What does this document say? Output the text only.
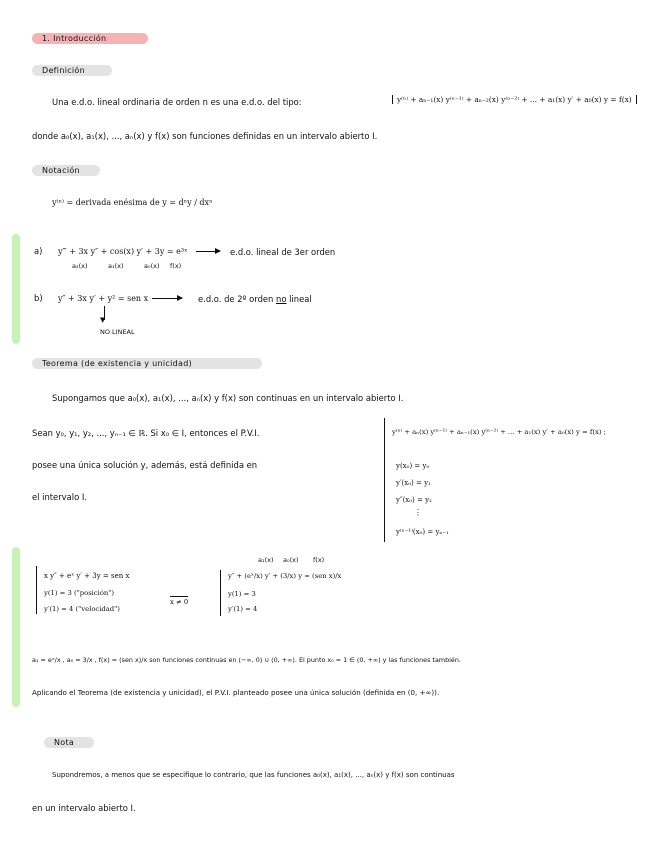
1. Introducción
Definición
Una e.d.o. lineal ordinaria de orden n es una e.d.o. del tipo:	y⁽ⁿ⁾ + aₙ₋₁(x) y⁽ⁿ⁻¹⁾ + aₙ₋₂(x) y⁽ⁿ⁻²⁾ + ... + a₁(x) y′ + a₀(x) y = f(x)
donde a₀(x), a₁(x), ..., aₙ(x) y f(x) son funciones definidas en un intervalo abierto I.
Notación
y⁽ⁿ⁾ = derivada enésima de y = dⁿy / dxⁿ
a) y‴ + 3x y″ + cos(x) y′ + 3y = e³ˣ
a₂(x)	a₁(x)	a₀(x) f(x)
e.d.o. lineal de 3er orden
b) y″ + 3x y′ + y² = sen x
▼
NO LINEAL
e.d.o. de 2º orden no lineal
Teorema (de existencia y unicidad)
Supongamos que a₀(x), a₁(x), ..., aₙ(x) y f(x) son continuas en un intervalo abierto I.
Sean y₀, y₁, y₂, ..., yₙ₋₁ ∈ ℝ. Si x₀ ∈ I, entonces el P.V.I.
posee una única solución y, además, está definida en
el intervalo I.
y⁽ⁿ⁾ + aₙ(x) y⁽ⁿ⁻¹⁾ + aₙ₋₁(x) y⁽ⁿ⁻²⁾ + ... + a₁(x) y′ + a₀(x) y = f(x) ;
y(x₀) = y₀
y′(x₀) = y₁
y″(x₀) = y₂
⋮
y⁽ⁿ⁻¹⁾(x₀) = yₙ₋₁
x y″ + eˣ y′ + 3y = sen x
y(1) = 3 ("posición")
y′(1) = 4 ("velocidad")
x ≠ 0
a₁(x) a₀(x) f(x)
y″ + (eˣ/x) y′ + (3/x) y = (sen x)/x
y(1) = 3
y′(1) = 4
a₁ = eˣ/x , a₀ = 3/x , f(x) = (sen x)/x son funciones continuas en (−∞, 0) ∪ (0, +∞). El punto x₀ = 1 ∈ (0, +∞) y las funciones también.
Aplicando el Teorema (de existencia y unicidad), el P.V.I. planteado posee una única solución (definida en (0, +∞)).
Nota
Supondremos, a menos que se especifique lo contrario, que las funciones a₀(x), a₁(x), ..., aₙ(x) y f(x) son continuas
en un intervalo abierto I.
